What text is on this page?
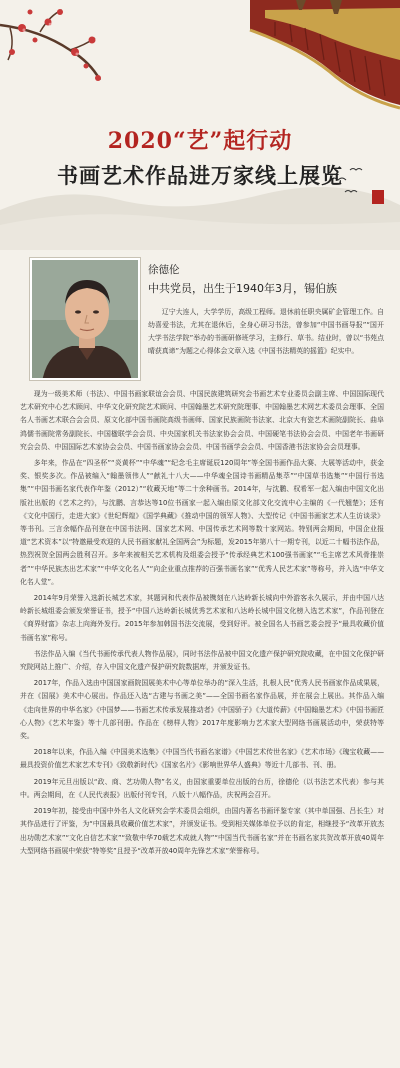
2020“艺”起行动
书画艺术作品进万家线上展览
徐德伦
中共党员，出生于1940年3月，锡伯族

辽宁大连人，大学学历，高级工程师。退休前任职央属矿企管理工作。自幼喜爱书法，尤其在退休后，全身心研习书法，曾参加“中国书画导报”“国开大学书法学院”举办的书画研修班学习，主修行、草书。结业时，曾以“书苑点晴获真谛”为题之心得体会文章入选《中国书法精英的摇篮》纪实中。

现为一级美术师（书法）、中国书画家联谊会会员、中国民族建筑研究会书画艺术专业委员会副主席、中国国际现代艺术研究中心艺术顾问、中华文化研究院艺术顾问、中国翰墨艺术研究院理事、中国翰墨艺术网艺术委员会理事、全国名人书画艺术联合会会员、原文化部中国书画院高级书画师、国家民族画院书法家、北京大有瓷艺术画院副院长、曲阜鸿儒书画院常务副院长、中国楹联学会会员、中央国家机关书法家协会会员、中国硬笔书法协会会员、中国老年书画研究会会员、中国国际艺术家协会会员、中国书画家协会会员、中国书画学会会员、中国香港书法家协会会员理事。

多年来，作品在“四圣杯”“炎黄杯”“中华魂”“纪念毛主席诞辰120周年”等全国书画作品大赛、大展等活动中，获金奖、银奖多次。作品被编入“翰墨领伟人”“献礼十八大——中华魂全国诗书画精品集萃”“中国草书选集”“中国行书选集”“中国书画名家代表作年鉴（2012）”“收藏天地”等二十余种画书。2014年，与沈鹏、权希军一起入编由中国文化出版社出版的《艺术之约》，与沈鹏、言恭达等10位书画家一起入编由原文化部文化交流中心主编的《一代翘楚》；还有《文化中国行，走进大家》《世纪辉煌》《国学典藏》《推动中国的领军人物》、大型传记《中国书画家艺术人生访谈录》等书刊。三言余幅作品刊登在中国书法网、国家艺术网、中国传承艺术网等数十家网站。特别两会期间，中国企业报道“艺术资本”以“特邀最受欢迎的人民书画家献礼全国两会”为标题，发2015年第八十一期专刊，以近二十幅书法作品，热烈祝贺全国两会胜利召开。多年来被相关艺术机构及组委会授予“传承经典艺术100强书画家”“毛主席艺术风骨推崇者”“中华民族杰出艺术家”“中华文化名人”“向企业重点推荐的百强书画名家”“优秀人民艺术家”等称号，并入选“中华文化名人堂”。

2014年9月荣誉入选新长城艺术家，其题词和代表作品被镌刻在八达岭新长城向中外游客永久展示，并由中国八达岭新长城组委会颁发荣誉证书，授予“中国八达岭新长城优秀艺术家和八达岭长城中国文化榜入选艺术家”，作品刊登在《商界财富》杂志上向海外发行。2015年参加韩国书法交流展，受到好评。被全国名人书画艺委会授予“最具收藏价值书画名家”称号。

书法作品入编《当代书画传承代表人物作品展》，同时书法作品被中国文化遗产保护研究院收藏，在中国文化保护研究院网站上推广、介绍，存入中国文化遗产保护研究院数据库，并颁发证书。

2017年，作品入选由中国国家画院国展美术中心等单位举办的“深入生活，扎根人民”优秀人民书画家作品成果展，并在《国展》美术中心展出。作品还入选“古建与书画之美”——全国书画名家作品展，并在展会上展出。其作品入编《走向世界的中华名家》《中国梦——书画艺术传承发展推动者》《中国骄子》《大道传薪》《中国翰墨艺术》《中国书画匠心人物》《艺术年鉴》等十几部刊册。作品在《榜样人物》2017年度影响力艺术家大型网络书画展活动中，荣获特等奖。

2018年以来，作品入编《中国美术选集》《中国当代书画名家谱》《中国艺术传世名家》《艺术市场》《瑰宝收藏——最具投资价值艺术家艺术专刊》《致敬新时代》《国家名片》《影响世界华人盛典》等近十几部书、刊、册。

2019年元旦出版以“政、商、艺功勋人物”名义，由国家重要单位出版的台历，徐德伦（以书法艺术代表）参与其中。两会期间，在《人民代表报》出版付刊专刊，八版十八幅作品，庆祝两会召开。

2019年初，接受由中国中外名人文化研究会学术委员会组织，由国内著名书画评鉴专家（其中单国强、吕长生）对其作品进行了评鉴，为“中国最具收藏价值艺术家”，并颁发证书。受到相关媒体单位予以的肯定，相继授予“改革开放杰出功勋艺术家”“文化自信艺术家”“致敬中华70载艺术成就人物”“中国当代书画名家”并在书画名家共贺改革开放40周年大型网络书画展中荣获“特等奖”且授予“改革开放40周年先锋艺术家”荣誉称号。
